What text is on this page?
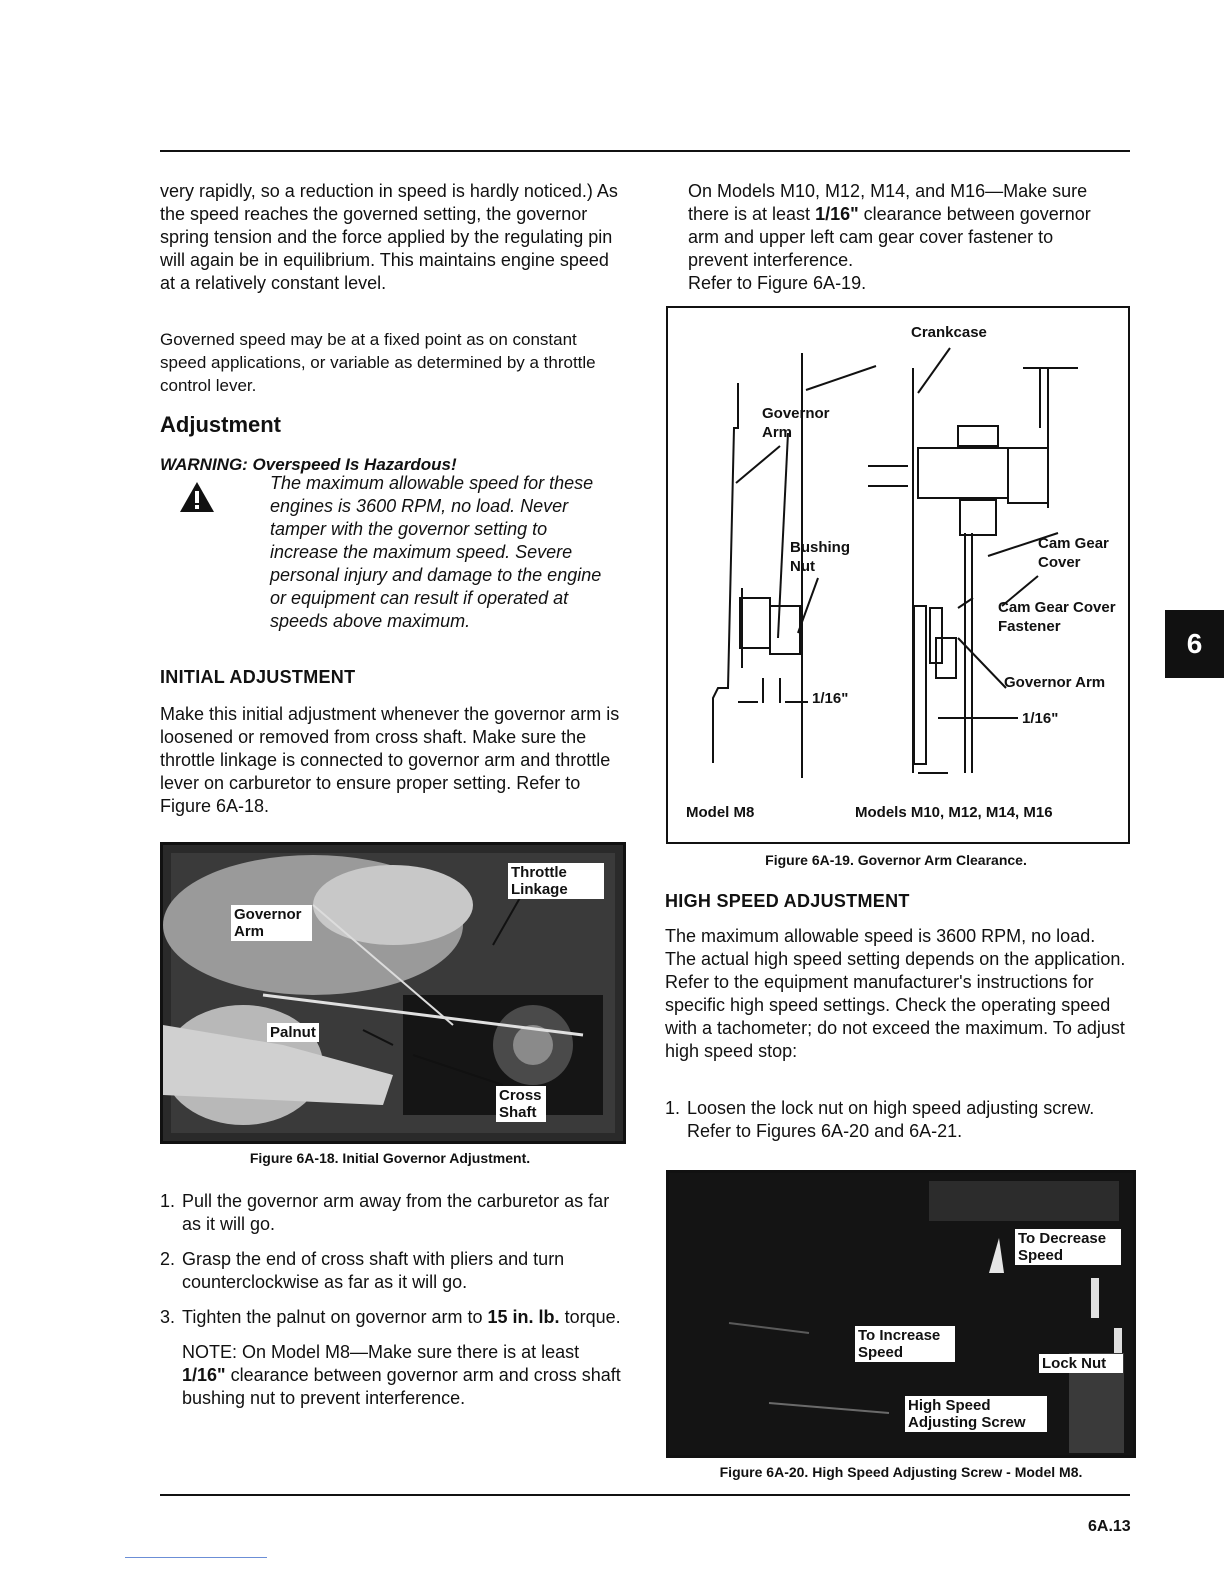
very rapidly, so a reduction in speed is hardly noticed.) As the speed reaches the governed setting, the governor spring tension and the force applied by the regulating pin will again be in equilibrium. This maintains engine speed at a relatively constant level.
Governed speed may be at a fixed point as on constant speed applications, or variable as determined by a throttle control lever.
Adjustment
WARNING: Overspeed Is Hazardous!
The maximum allowable speed for these engines is 3600 RPM, no load. Never tamper with the governor setting to increase the maximum speed. Severe personal injury and damage to the engine or equipment can result if operated at speeds above maximum.
INITIAL ADJUSTMENT
Make this initial adjustment whenever the governor arm is loosened or removed from cross shaft. Make sure the throttle linkage is connected to governor arm and throttle lever on carburetor to ensure proper setting. Refer to Figure 6A-18.
Throttle Linkage
Governor Arm
Palnut
Cross Shaft
Figure 6A-18. Initial Governor Adjustment.
1. Pull the governor arm away from the carburetor as far as it will go.
2. Grasp the end of cross shaft with pliers and turn counterclockwise as far as it will go.
3. Tighten the palnut on governor arm to 15 in. lb. torque.
NOTE: On Model M8—Make sure there is at least 1/16" clearance between governor arm and cross shaft bushing nut to prevent interference.
On Models M10, M12, M14, and M16—Make sure there is at least 1/16" clearance between governor arm and upper left cam gear cover fastener to prevent interference.
Refer to Figure 6A-19.
Crankcase
Governor Arm
Bushing Nut
Cam Gear Cover
Cam Gear Cover Fastener
Governor Arm
1/16"
1/16"
Model M8	Models M10, M12, M14, M16
Figure 6A-19. Governor Arm Clearance.
HIGH SPEED ADJUSTMENT
The maximum allowable speed is 3600 RPM, no load. The actual high speed setting depends on the application. Refer to the equipment manufacturer's instructions for specific high speed settings. Check the operating speed with a tachometer; do not exceed the maximum. To adjust high speed stop:
1. Loosen the lock nut on high speed adjusting screw. Refer to Figures 6A-20 and 6A-21.
To Decrease Speed
To Increase Speed
Lock Nut
High Speed Adjusting Screw
Figure 6A-20. High Speed Adjusting Screw - Model M8.
6
6A.13
